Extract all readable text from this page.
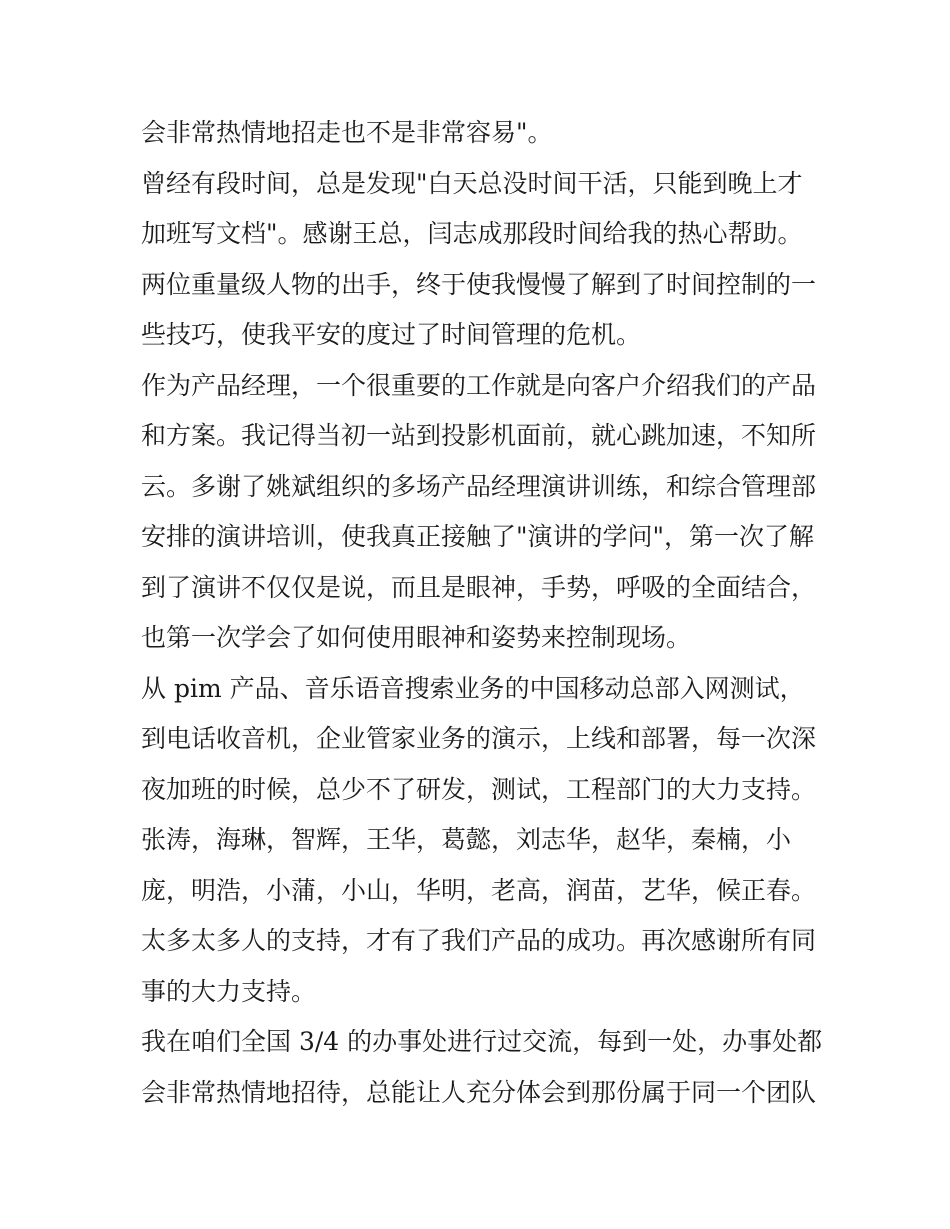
会非常热情地招走也不是非常容易"。
曾经有段时间，总是发现"白天总没时间干活，只能到晚上才
加班写文档"。感谢王总，闫志成那段时间给我的热心帮助。
两位重量级人物的出手，终于使我慢慢了解到了时间控制的一
些技巧，使我平安的度过了时间管理的危机。
作为产品经理，一个很重要的工作就是向客户介绍我们的产品
和方案。我记得当初一站到投影机面前，就心跳加速，不知所
云。多谢了姚斌组织的多场产品经理演讲训练，和综合管理部
安排的演讲培训，使我真正接触了"演讲的学问"，第一次了解
到了演讲不仅仅是说，而且是眼神，手势，呼吸的全面结合，
也第一次学会了如何使用眼神和姿势来控制现场。
从 pim 产品、音乐语音搜索业务的中国移动总部入网测试，
到电话收音机，企业管家业务的演示，上线和部署，每一次深
夜加班的时候，总少不了研发，测试，工程部门的大力支持。
张涛，海琳，智辉，王华，葛懿，刘志华，赵华，秦楠，小
庞，明浩，小蒲，小山，华明，老高，润苗，艺华，候正春。
太多太多人的支持，才有了我们产品的成功。再次感谢所有同
事的大力支持。
我在咱们全国 3/4 的办事处进行过交流，每到一处，办事处都
会非常热情地招待，总能让人充分体会到那份属于同一个团队
